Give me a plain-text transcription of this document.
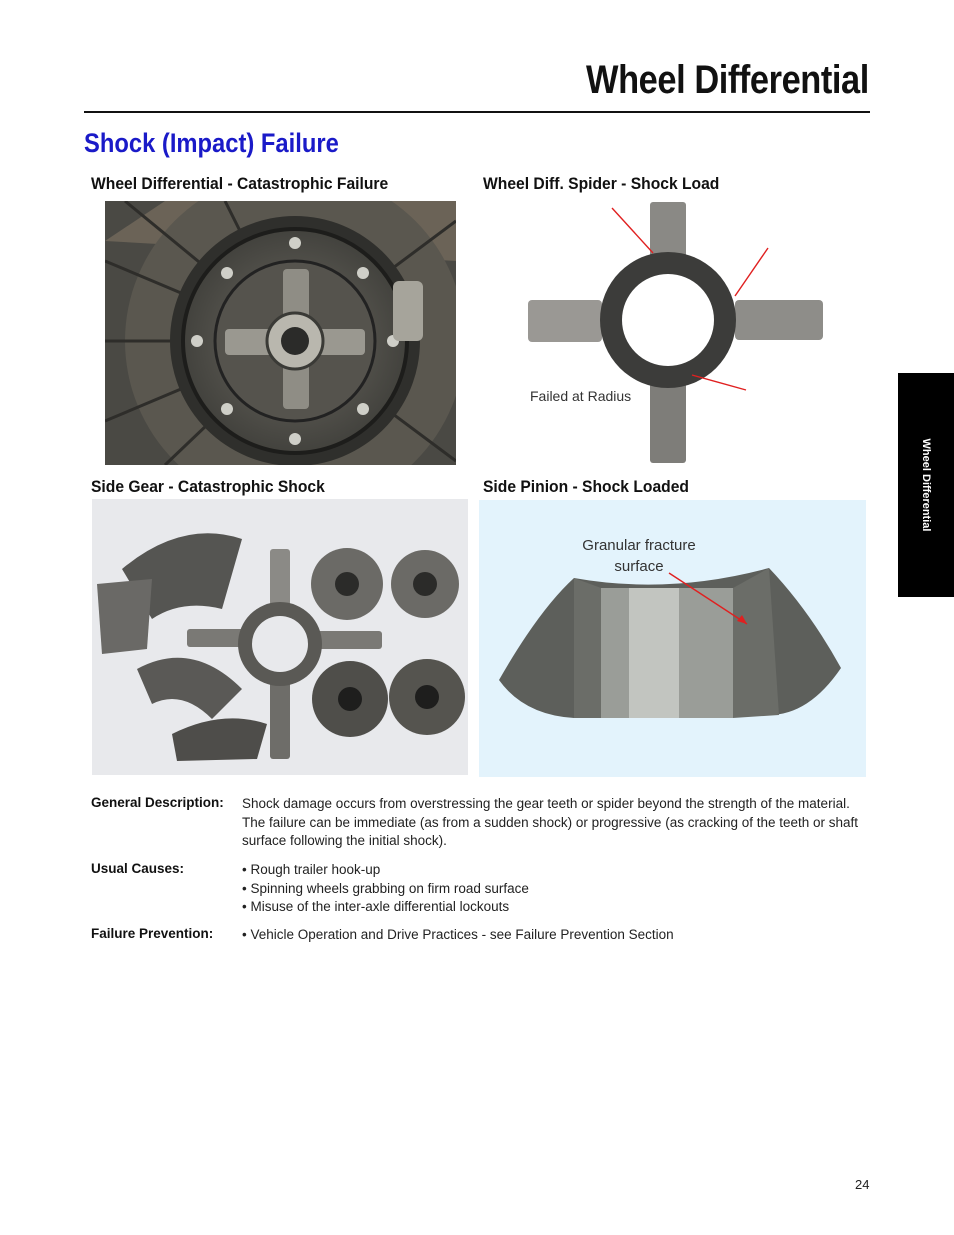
Wheel Differential
Shock (Impact) Failure
Wheel Differential - Catastrophic Failure	Wheel Diff. Spider - Shock Load
Failed at Radius
Side Gear - Catastrophic Shock	Side Pinion - Shock Loaded
Granular fracture
surface
Wheel Differential
General Description: Shock damage occurs from overstressing the gear teeth or spider beyond the strength of the material.
The failure can be immediate (as from a sudden shock) or progressive (as cracking of the teeth or shaft
surface following the initial shock).
Usual Causes:	• Rough trailer hook-up
• Spinning wheels grabbing on firm road surface
• Misuse of the inter-axle differential lockouts
Failure Prevention: • Vehicle Operation and Drive Practices - see Failure Prevention Section
24
